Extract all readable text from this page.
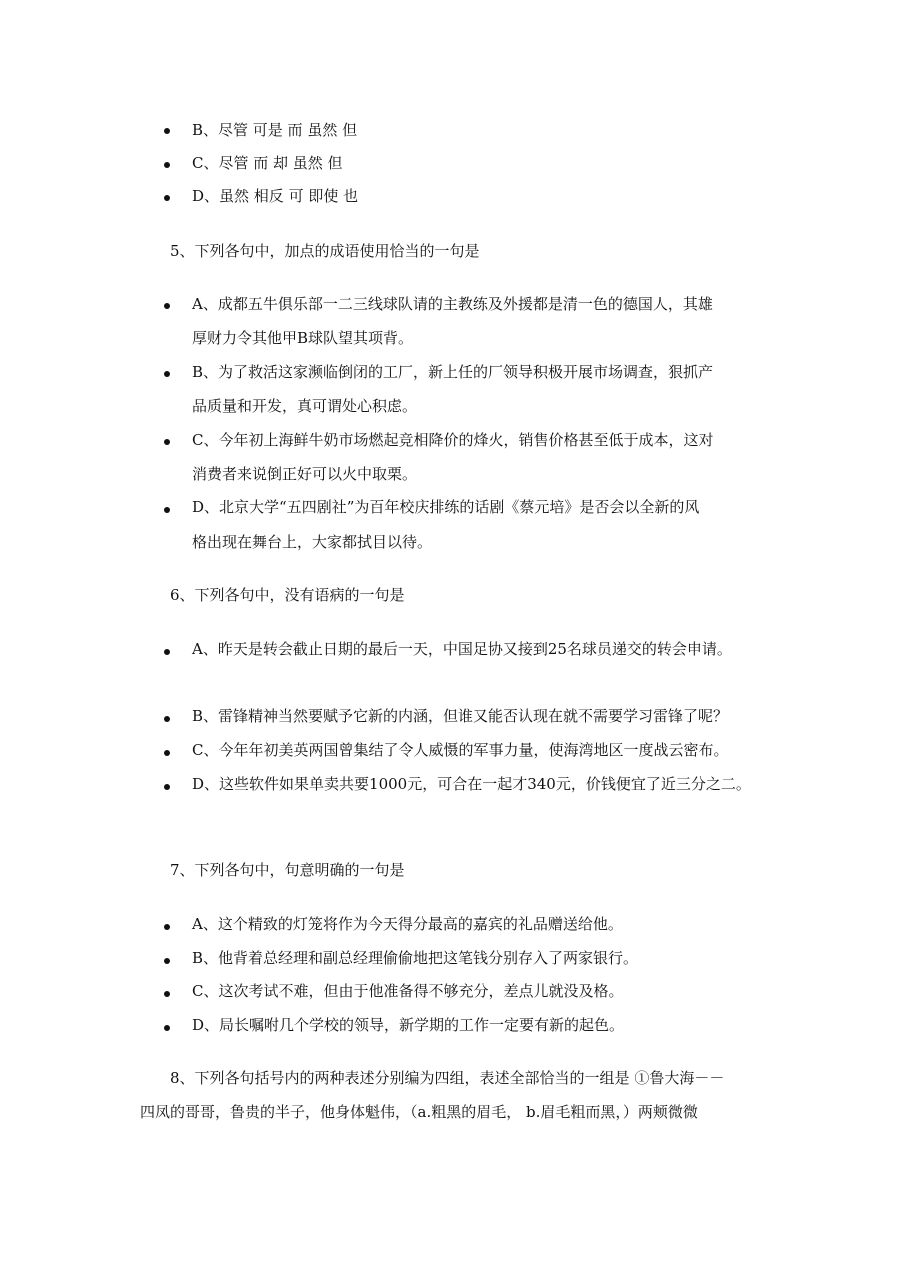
B、尽管 可是 而 虽然 但
C、尽管 而 却 虽然 但
D、虽然 相反 可 即使 也
5、下列各句中，加点的成语使用恰当的一句是
A、成都五牛俱乐部一二三线球队请的主教练及外援都是清一色的德国人，其雄
厚财力令其他甲B球队望其项背。
B、为了救活这家濒临倒闭的工厂，新上任的厂领导积极开展市场调查，狠抓产
品质量和开发，真可谓处心积虑。
C、今年初上海鲜牛奶市场燃起竞相降价的烽火，销售价格甚至低于成本，这对
消费者来说倒正好可以火中取栗。
D、北京大学“五四剧社”为百年校庆排练的话剧《蔡元培》是否会以全新的风
格出现在舞台上，大家都拭目以待。
6、下列各句中，没有语病的一句是
A、昨天是转会截止日期的最后一天，中国足协又接到25名球员递交的转会申请。
B、雷锋精神当然要赋予它新的内涵，但谁又能否认现在就不需要学习雷锋了呢？
C、今年年初美英两国曾集结了令人威慑的军事力量，使海湾地区一度战云密布。
D、这些软件如果单卖共要1000元，可合在一起才340元，价钱便宜了近三分之二。
7、下列各句中，句意明确的一句是
A、这个精致的灯笼将作为今天得分最高的嘉宾的礼品赠送给他。
B、他背着总经理和副总经理偷偷地把这笔钱分别存入了两家银行。
C、这次考试不难，但由于他准备得不够充分，差点儿就没及格。
D、局长嘱咐几个学校的领导，新学期的工作一定要有新的起色。
8、下列各句括号内的两种表述分别编为四组，表述全部恰当的一组是 ①鲁大海－－
四凤的哥哥，鲁贵的半子，他身体魁伟，（a.粗黑的眉毛， b.眉毛粗而黑，）两颊微微
